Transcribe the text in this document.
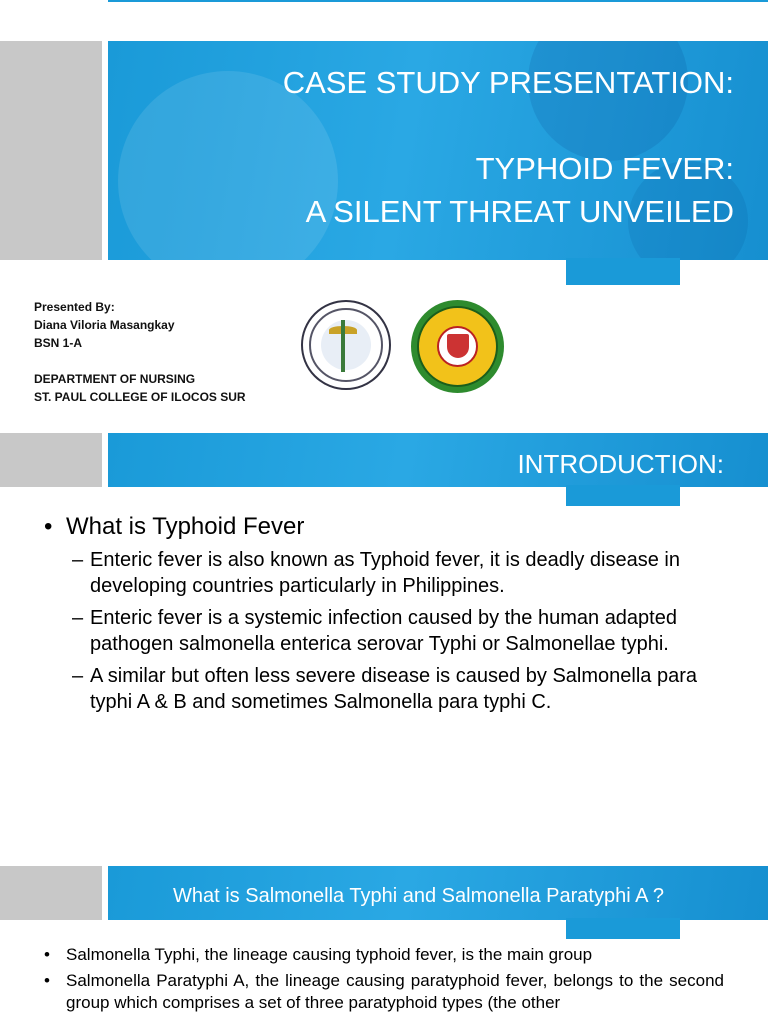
CASE STUDY PRESENTATION:
TYPHOID FEVER:
A SILENT THREAT UNVEILED
Presented By:
Diana Viloria Masangkay
BSN 1-A
DEPARTMENT OF NURSING
ST. PAUL COLLEGE OF ILOCOS SUR
INTRODUCTION:
• What is Typhoid Fever
– Enteric fever is also known as Typhoid fever, it is deadly disease in developing countries particularly in Philippines.
– Enteric fever is a systemic infection caused by the human adapted pathogen salmonella enterica serovar Typhi or Salmonellae typhi.
– A similar but often less severe disease is caused by Salmonella para typhi A & B and sometimes Salmonella para typhi C.
What is Salmonella Typhi and Salmonella Paratyphi A ?
• Salmonella Typhi, the lineage causing typhoid fever, is the main group
• Salmonella Paratyphi A, the lineage causing paratyphoid fever, belongs to the second group which comprises a set of three paratyphoid types (the other
